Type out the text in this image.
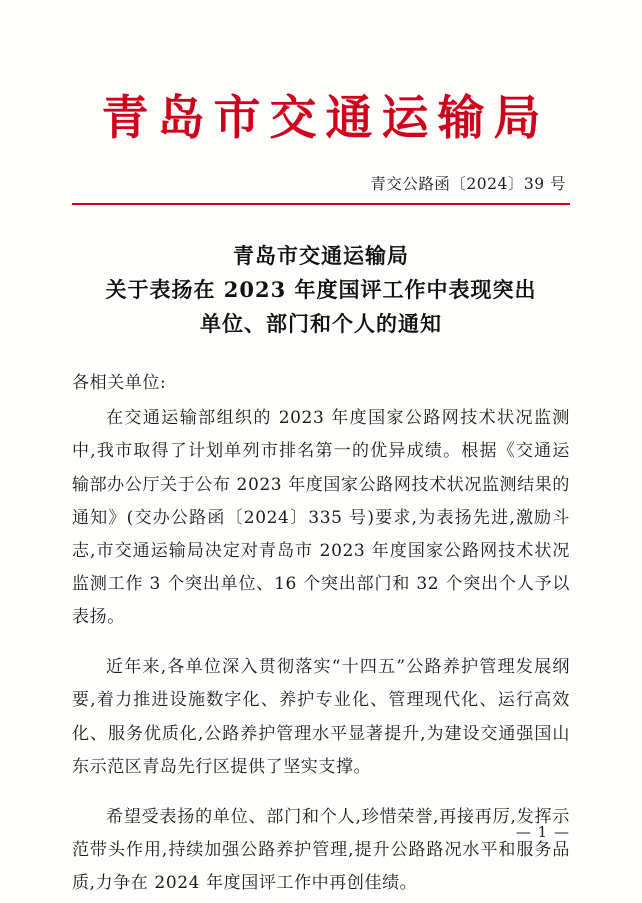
青岛市交通运输局
青交公路函〔2024〕39 号
青岛市交通运输局
关于表扬在 2023 年度国评工作中表现突出
单位、部门和个人的通知
各相关单位:

在交通运输部组织的 2023 年度国家公路网技术状况监测中,我市取得了计划单列市排名第一的优异成绩。根据《交通运输部办公厅关于公布 2023 年度国家公路网技术状况监测结果的通知》(交办公路函〔2024〕335 号)要求,为表扬先进,激励斗志,市交通运输局决定对青岛市 2023 年度国家公路网技术状况监测工作 3 个突出单位、16 个突出部门和 32 个突出个人予以表扬。

近年来,各单位深入贯彻落实“十四五”公路养护管理发展纲要,着力推进设施数字化、养护专业化、管理现代化、运行高效化、服务优质化,公路养护管理水平显著提升,为建设交通强国山东示范区青岛先行区提供了坚实支撑。

希望受表扬的单位、部门和个人,珍惜荣誉,再接再厉,发挥示范带头作用,持续加强公路养护管理,提升公路路况水平和服务品质,力争在 2024 年度国评工作中再创佳绩。

— 1 —
